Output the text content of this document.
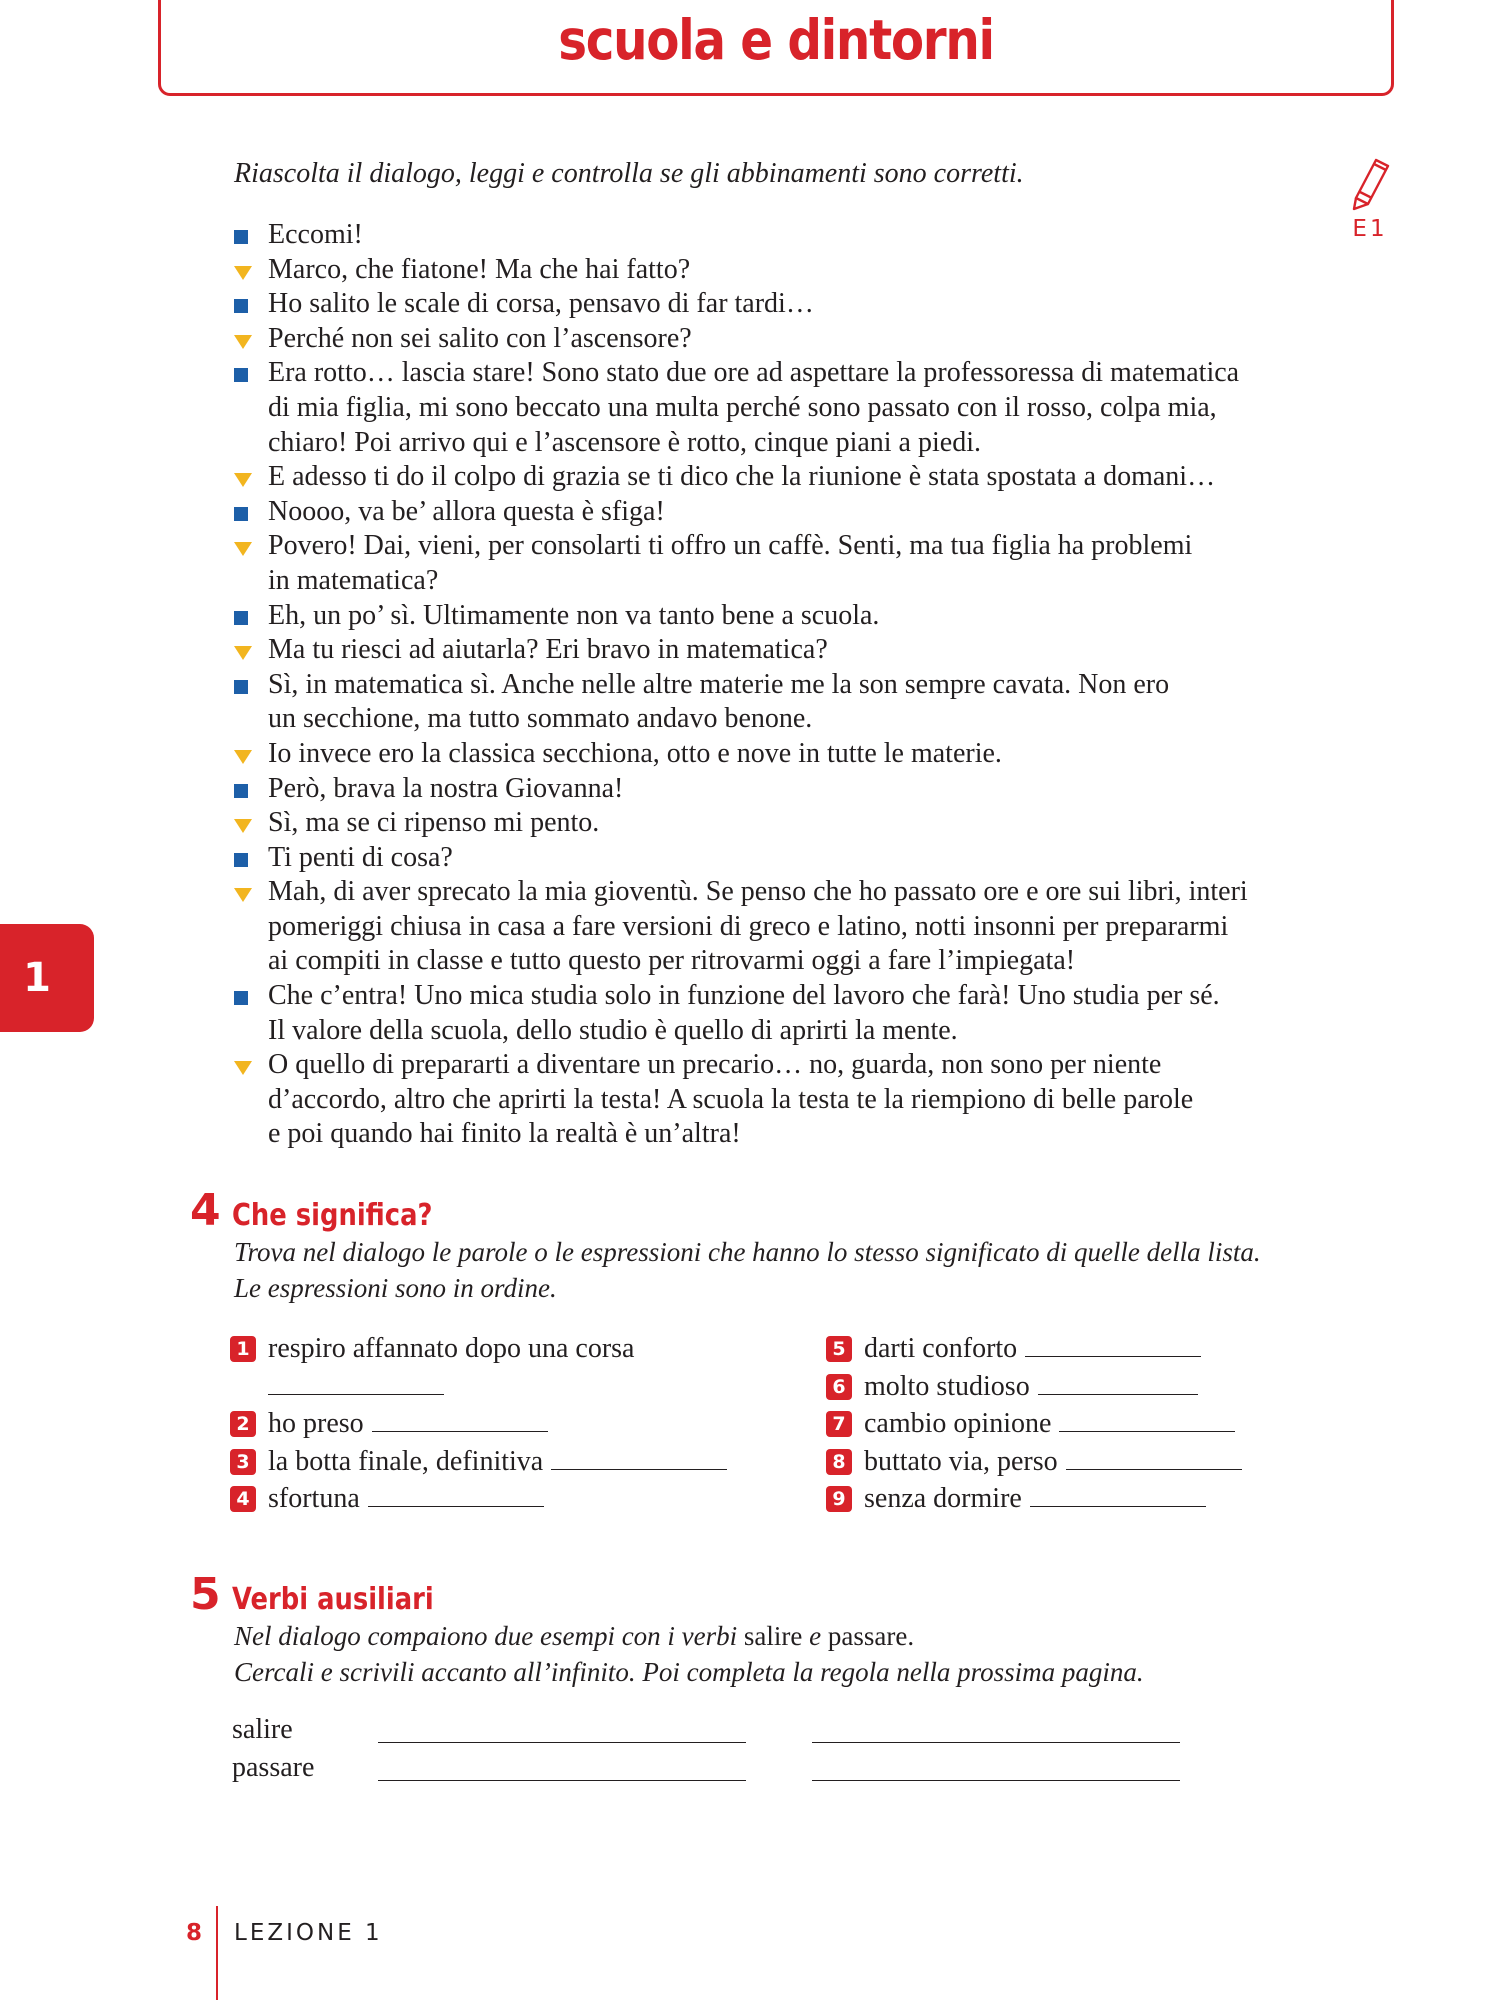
scuola e dintorni
Riascolta il dialogo, leggi e controlla se gli abbinamenti sono corretti.
E1
Eccomi!
Marco, che fiatone! Ma che hai fatto?
Ho salito le scale di corsa, pensavo di far tardi…
Perché non sei salito con l’ascensore?
Era rotto… lascia stare! Sono stato due ore ad aspettare la professoressa di matematica
di mia figlia, mi sono beccato una multa perché sono passato con il rosso, colpa mia,
chiaro! Poi arrivo qui e l’ascensore è rotto, cinque piani a piedi.
E adesso ti do il colpo di grazia se ti dico che la riunione è stata spostata a domani…
Noooo, va be’ allora questa è sfiga!
Povero! Dai, vieni, per consolarti ti offro un caffè. Senti, ma tua figlia ha problemi
in matematica?
Eh, un po’ sì. Ultimamente non va tanto bene a scuola.
Ma tu riesci ad aiutarla? Eri bravo in matematica?
Sì, in matematica sì. Anche nelle altre materie me la son sempre cavata. Non ero
un secchione, ma tutto sommato andavo benone.
Io invece ero la classica secchiona, otto e nove in tutte le materie.
Però, brava la nostra Giovanna!
Sì, ma se ci ripenso mi pento.
Ti penti di cosa?
Mah, di aver sprecato la mia gioventù. Se penso che ho passato ore e ore sui libri, interi
pomeriggi chiusa in casa a fare versioni di greco e latino, notti insonni per prepararmi
ai compiti in classe e tutto questo per ritrovarmi oggi a fare l’impiegata!
Che c’entra! Uno mica studia solo in funzione del lavoro che farà! Uno studia per sé.
Il valore della scuola, dello studio è quello di aprirti la mente.
O quello di prepararti a diventare un precario… no, guarda, non sono per niente
d’accordo, altro che aprirti la testa! A scuola la testa te la riempiono di belle parole
e poi quando hai finito la realtà è un’altra!
1
4 Che significa?
Trova nel dialogo le parole o le espressioni che hanno lo stesso significato di quelle della lista.
Le espressioni sono in ordine.
1 respiro affannato dopo una corsa

2 ho preso
3 la botta finale, definitiva
4 sfortuna
5 darti conforto
6 molto studioso
7 cambio opinione
8 buttato via, perso
9 senza dormire
5 Verbi ausiliari
Nel dialogo compaiono due esempi con i verbi salire e passare.
Cercali e scrivili accanto all’infinito. Poi completa la regola nella prossima pagina.
salire
passare
8 LEZIONE 1
